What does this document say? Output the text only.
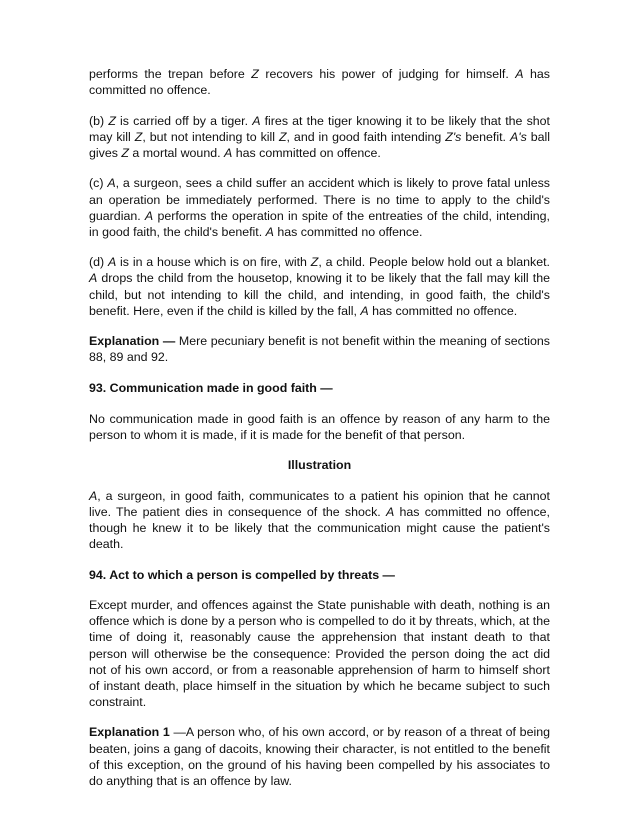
performs the trepan before Z recovers his power of judging for himself. A has committed no offence.

(b) Z is carried off by a tiger. A fires at the tiger knowing it to be likely that the shot may kill Z, but not intending to kill Z, and in good faith intending Z's benefit. A's ball gives Z a mortal wound. A has committed on offence.

(c) A, a surgeon, sees a child suffer an accident which is likely to prove fatal unless an operation be immediately performed. There is no time to apply to the child's guardian. A performs the operation in spite of the entreaties of the child, intending, in good faith, the child's benefit. A has committed no offence.

(d) A is in a house which is on fire, with Z, a child. People below hold out a blanket. A drops the child from the housetop, knowing it to be likely that the fall may kill the child, but not intending to kill the child, and intending, in good faith, the child's benefit. Here, even if the child is killed by the fall, A has committed no offence.

Explanation — Mere pecuniary benefit is not benefit within the meaning of sections 88, 89 and 92.

93. Communication made in good faith —

No communication made in good faith is an offence by reason of any harm to the person to whom it is made, if it is made for the benefit of that person.

Illustration

A, a surgeon, in good faith, communicates to a patient his opinion that he cannot live. The patient dies in consequence of the shock. A has committed no offence, though he knew it to be likely that the communication might cause the patient's death.

94. Act to which a person is compelled by threats —

Except murder, and offences against the State punishable with death, nothing is an offence which is done by a person who is compelled to do it by threats, which, at the time of doing it, reasonably cause the apprehension that instant death to that person will otherwise be the consequence: Provided the person doing the act did not of his own accord, or from a reasonable apprehension of harm to himself short of instant death, place himself in the situation by which he became subject to such constraint.

Explanation 1 —A person who, of his own accord, or by reason of a threat of being beaten, joins a gang of dacoits, knowing their character, is not entitled to the benefit of this exception, on the ground of his having been compelled by his associates to do anything that is an offence by law.
